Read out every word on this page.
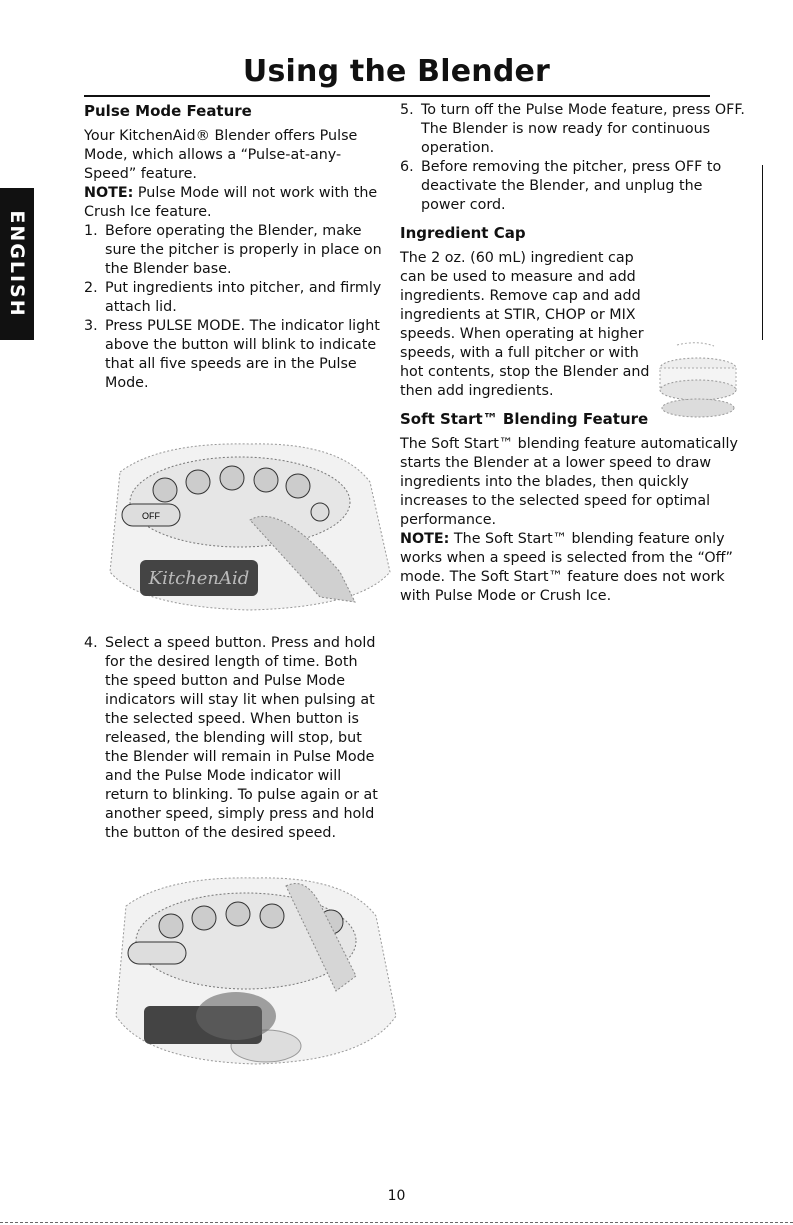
Using the Blender
ENGLISH
Pulse Mode Feature

Your KitchenAid® Blender offers Pulse Mode, which allows a “Pulse-at-any-Speed” feature.

NOTE: Pulse Mode will not work with the Crush Ice feature.

1. Before operating the Blender, make sure the pitcher is properly in place on the Blender base.
2. Put ingredients into pitcher, and firmly attach lid.
3. Press PULSE MODE. The indicator light above the button will blink to indicate that all five speeds are in the Pulse Mode.
OFF
KitchenAid
4. Select a speed button. Press and hold for the desired length of time. Both the speed button and Pulse Mode indicators will stay lit when pulsing at the selected speed. When button is released, the blending will stop, but the Blender will remain in Pulse Mode and the Pulse Mode indicator will return to blinking. To pulse again or at another speed, simply press and hold the button of the desired speed.
5. To turn off the Pulse Mode feature, press OFF. The Blender is now ready for continuous operation.
6. Before removing the pitcher, press OFF to deactivate the Blender, and unplug the power cord.
Ingredient Cap

The 2 oz. (60 mL) ingredient cap can be used to measure and add ingredients. Remove cap and add ingredients at STIR, CHOP or MIX speeds. When operating at higher speeds, with a full pitcher or with hot contents, stop the Blender and then add ingredients.

Soft Start™ Blending Feature

The Soft Start™ blending feature automatically starts the Blender at a lower speed to draw ingredients into the blades, then quickly increases to the selected speed for optimal performance.

NOTE: The Soft Start™ blending feature only works when a speed is selected from the “Off” mode. The Soft Start™ feature does not work with Pulse Mode or Crush Ice.

10
